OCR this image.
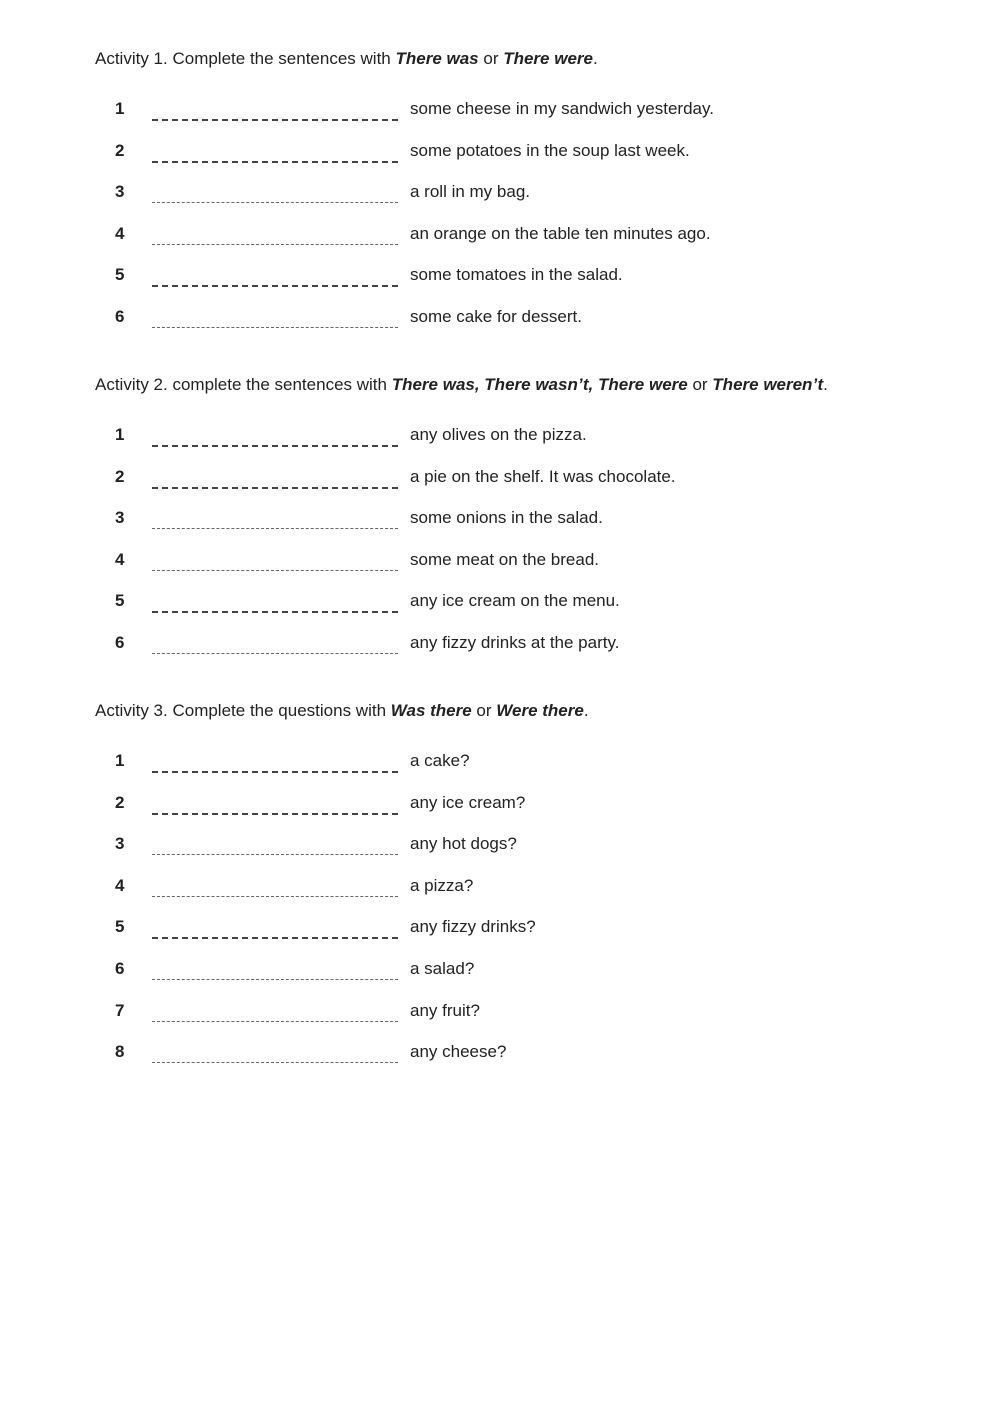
Activity 1. Complete the sentences with There was or There were.
1	some cheese in my sandwich yesterday.
2	some potatoes in the soup last week.
3	a roll in my bag.
4	an orange on the table ten minutes ago.
5	some tomatoes in the salad.
6	some cake for dessert.
Activity 2. complete the sentences with There was, There wasn’t, There were or There weren’t.
1	any olives on the pizza.
2	a pie on the shelf. It was chocolate.
3	some onions in the salad.
4	some meat on the bread.
5	any ice cream on the menu.
6	any fizzy drinks at the party.
Activity 3. Complete the questions with Was there or Were there.
1	a cake?
2	any ice cream?
3	any hot dogs?
4	a pizza?
5	any fizzy drinks?
6	a salad?
7	any fruit?
8	any cheese?
